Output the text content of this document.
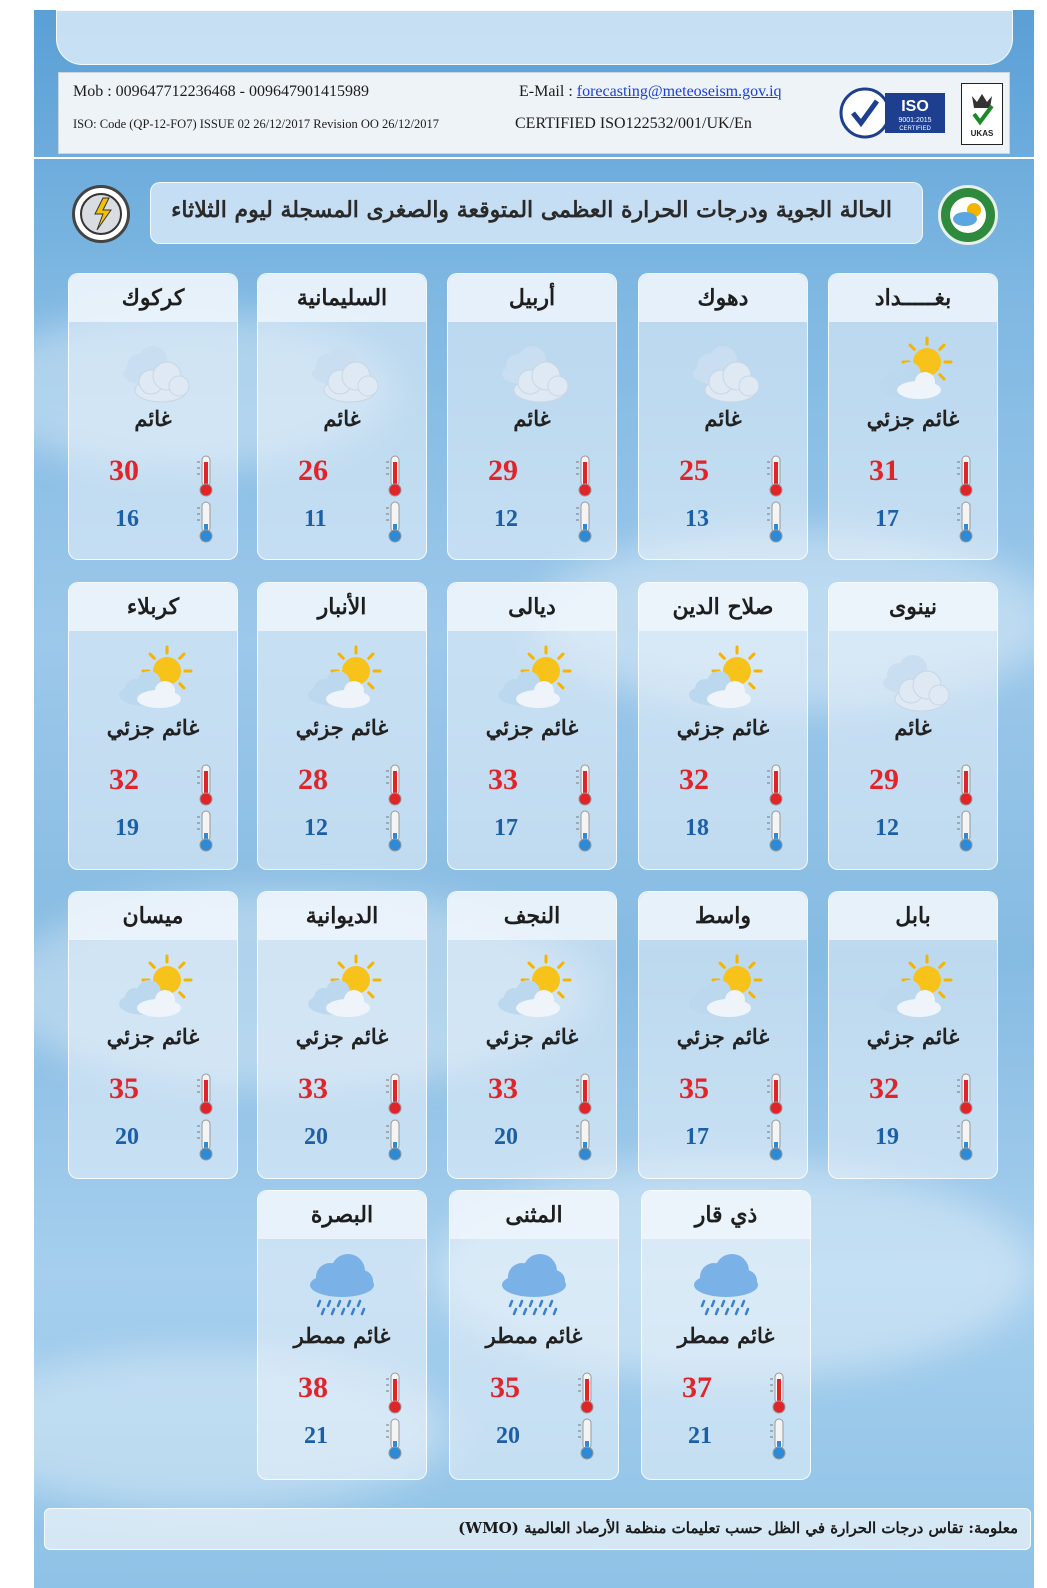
Mob : 009647712236468 - 009647901415989	E-Mail : forecasting@meteoseism.gov.iq
ISO: Code (QP-12-FO7) ISSUE 02 26/12/2017 Revision OO 26/12/2017	CERTIFIED ISO122532/001/UK/En
ISO
9001:2015
CERTIFIED	UKAS
الحالة الجوية ودرجات الحرارة العظمى المتوقعة والصغرى المسجلة ليوم الثلاثاء
بغـــــداد
غائم جزئي
31
17
دهوك
غائم
25
13
أربيل
غائم
29
12
السليمانية
غائم
26
11
كركوك
غائم
30
16
نينوى
غائم
29
12
صلاح الدين
غائم جزئي
32
18
ديالى
غائم جزئي
33
17
الأنبار
غائم جزئي
28
12
كربلاء
غائم جزئي
32
19
بابل
غائم جزئي
32
19
واسط
غائم جزئي
35
17
النجف
غائم جزئي
33
20
الديوانية
غائم جزئي
33
20
ميسان
غائم جزئي
35
20
ذي قار
غائم ممطر
37
21
المثنى
غائم ممطر
35
20
البصرة
غائم ممطر
38
21
معلومة: تقاس درجات الحرارة في الظل حسب تعليمات منظمة الأرصاد العالمية (WMO)
